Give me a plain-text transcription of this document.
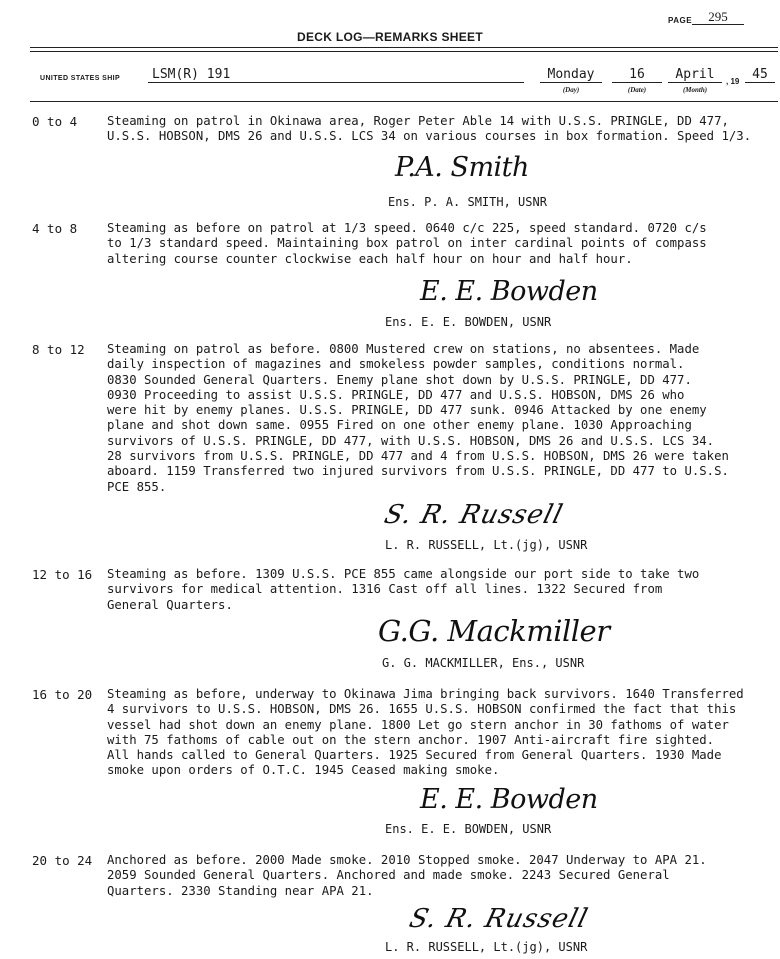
PAGE	295
DECK LOG—REMARKS SHEET
UNITED STATES SHIP	LSM(R) 191	Monday	16	April	, 19 45
(Day)	(Date)	(Month)
0 to 4 Steaming on patrol in Okinawa area, Roger Peter Able 14 with U.S.S. PRINGLE, DD 477,
U.S.S. HOBSON, DMS 26 and U.S.S. LCS 34 on various courses in box formation. Speed 1/3.
P.A. Smith
Ens. P. A. SMITH, USNR
4 to 8 Steaming as before on patrol at 1/3 speed. 0640 c/c 225, speed standard. 0720 c/s
to 1/3 standard speed. Maintaining box patrol on inter cardinal points of compass
altering course counter clockwise each half hour on hour and half hour.
E. E. Bowden
Ens. E. E. BOWDEN, USNR
8 to 12 Steaming on patrol as before. 0800 Mustered crew on stations, no absentees. Made
daily inspection of magazines and smokeless powder samples, conditions normal.
0830 Sounded General Quarters. Enemy plane shot down by U.S.S. PRINGLE, DD 477.
0930 Proceeding to assist U.S.S. PRINGLE, DD 477 and U.S.S. HOBSON, DMS 26 who
were hit by enemy planes. U.S.S. PRINGLE, DD 477 sunk. 0946 Attacked by one enemy
plane and shot down same. 0955 Fired on one other enemy plane. 1030 Approaching
survivors of U.S.S. PRINGLE, DD 477, with U.S.S. HOBSON, DMS 26 and U.S.S. LCS 34.
28 survivors from U.S.S. PRINGLE, DD 477 and 4 from U.S.S. HOBSON, DMS 26 were taken
aboard. 1159 Transferred two injured survivors from U.S.S. PRINGLE, DD 477 to U.S.S.
PCE 855.
S. R. Russell
L. R. RUSSELL, Lt.(jg), USNR
12 to 16 Steaming as before. 1309 U.S.S. PCE 855 came alongside our port side to take two
survivors for medical attention. 1316 Cast off all lines. 1322 Secured from
General Quarters.
G.G. Mackmiller
G. G. MACKMILLER, Ens., USNR
16 to 20 Steaming as before, underway to Okinawa Jima bringing back survivors. 1640 Transferred
4 survivors to U.S.S. HOBSON, DMS 26. 1655 U.S.S. HOBSON confirmed the fact that this
vessel had shot down an enemy plane. 1800 Let go stern anchor in 30 fathoms of water
with 75 fathoms of cable out on the stern anchor. 1907 Anti-aircraft fire sighted.
All hands called to General Quarters. 1925 Secured from General Quarters. 1930 Made
smoke upon orders of O.T.C. 1945 Ceased making smoke.
E. E. Bowden
Ens. E. E. BOWDEN, USNR
20 to 24 Anchored as before. 2000 Made smoke. 2010 Stopped smoke. 2047 Underway to APA 21.
2059 Sounded General Quarters. Anchored and made smoke. 2243 Secured General
Quarters. 2330 Standing near APA 21.
S. R. Russell
L. R. RUSSELL, Lt.(jg), USNR
